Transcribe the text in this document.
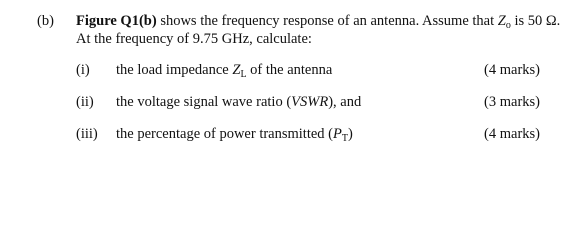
(b) Figure Q1(b) shows the frequency response of an antenna. Assume that $Z_o$ is 50 Ω.
At the frequency of 9.75 GHz, calculate:
(i) the load impedance $Z_L$ of the antenna	(4 marks)
(ii) the voltage signal wave ratio (VSWR), and	(3 marks)
(iii) the percentage of power transmitted $(P_T)$	(4 marks)
